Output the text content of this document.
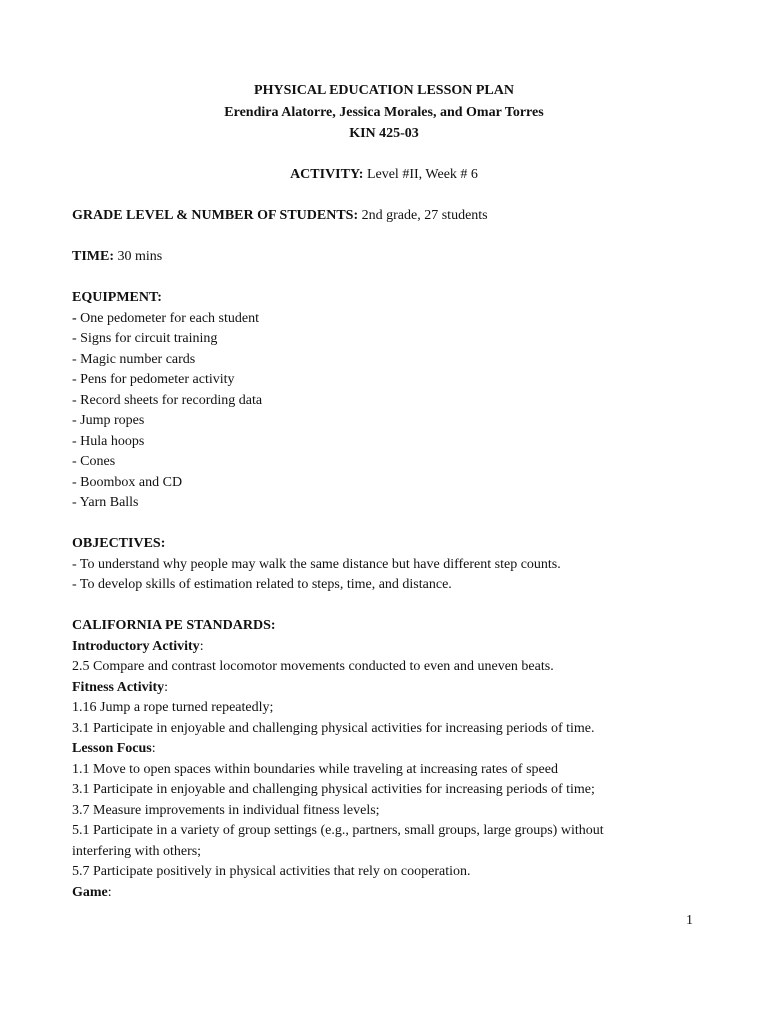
PHYSICAL EDUCATION LESSON PLAN
Erendira Alatorre, Jessica Morales, and Omar Torres
KIN 425-03
ACTIVITY: Level #II, Week # 6
GRADE LEVEL & NUMBER OF STUDENTS: 2nd grade, 27 students
TIME: 30 mins
EQUIPMENT:
- One pedometer for each student
- Signs for circuit training
- Magic number cards
- Pens for pedometer activity
- Record sheets for recording data
- Jump ropes
- Hula hoops
- Cones
- Boombox and CD
- Yarn Balls
OBJECTIVES:
- To understand why people may walk the same distance but have different step counts.
- To develop skills of estimation related to steps, time, and distance.
CALIFORNIA PE STANDARDS:
Introductory Activity:
2.5 Compare and contrast locomotor movements conducted to even and uneven beats.
Fitness Activity:
1.16 Jump a rope turned repeatedly;
3.1 Participate in enjoyable and challenging physical activities for increasing periods of time.
Lesson Focus:
1.1 Move to open spaces within boundaries while traveling at increasing rates of speed
3.1 Participate in enjoyable and challenging physical activities for increasing periods of time;
3.7 Measure improvements in individual fitness levels;
5.1 Participate in a variety of group settings (e.g., partners, small groups, large groups) without
interfering with others;
5.7 Participate positively in physical activities that rely on cooperation.
Game:
1
